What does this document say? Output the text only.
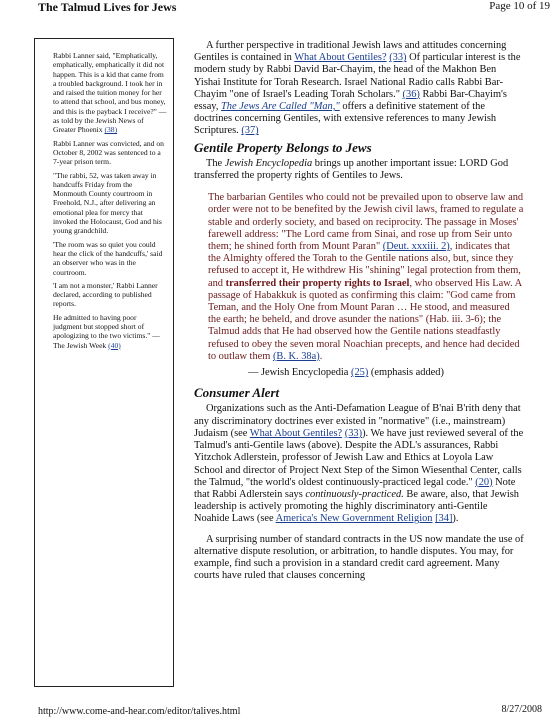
The Talmud Lives for Jews	Page 10 of 19

Rabbi Lanner said, "Emphatically, emphatically, emphatically it did not happen. This is a kid that came from a troubled background. I took her in and raised the tuition money for her to attend that school, and bus money, and this is the payback I receive?" — as told by the Jewish News of Greater Phoenix (38)

Rabbi Lanner was convicted, and on October 8, 2002 was sentenced to a 7-year prison term.

"The rabbi, 52, was taken away in handcuffs Friday from the Monmouth County courtroom in Freehold, N.J., after delivering an emotional plea for mercy that invoked the Holocaust, God and his young grandchild.

'The room was so quiet you could hear the click of the handcuffs,' said an observer who was in the courtroom.

'I am not a monster,' Rabbi Lanner declared, according to published reports.

He admitted to having poor judgment but stopped short of apologizing to the two victims." — The Jewish Week (40)

A further perspective in traditional Jewish laws and attitudes concerning Gentiles is contained in What About Gentiles? (33) Of particular interest is the modern study by Rabbi David Bar-Chayim, the head of the Makhon Ben Yishai Institute for Torah Research. Israel National Radio calls Rabbi Bar-Chayim "one of Israel's Leading Torah Scholars." (36) Rabbi Bar-Chayim's essay, The Jews Are Called "Man," offers a definitive statement of the doctrines concerning Gentiles, with extensive references to many Jewish Scriptures. (37)

Gentile Property Belongs to Jews

The Jewish Encyclopedia brings up another important issue: LORD God transferred the property rights of Gentiles to Jews.

The barbarian Gentiles who could not be prevailed upon to observe law and order were not to be benefited by the Jewish civil laws, framed to regulate a stable and orderly society, and based on reciprocity. The passage in Moses' farewell address: "The Lord came from Sinai, and rose up from Seir unto them; he shined forth from Mount Paran" (Deut. xxxiii. 2), indicates that the Almighty offered the Torah to the Gentile nations also, but, since they refused to accept it, He withdrew His "shining" legal protection from them, and transferred their property rights to Israel, who observed His Law. A passage of Habakkuk is quoted as confirming this claim: "God came from Teman, and the Holy One from Mount Paran … He stood, and measured the earth; he beheld, and drove asunder the nations" (Hab. iii. 3-6); the Talmud adds that He had observed how the Gentile nations steadfastly refused to obey the seven moral Noachian precepts, and hence had decided to outlaw them (B. K. 38a).

— Jewish Encyclopedia (25) (emphasis added)
Consumer Alert

Organizations such as the Anti-Defamation League of B'nai B'rith deny that any discriminatory doctrines ever existed in "normative" (i.e., mainstream) Judaism (see What About Gentiles? (33)). We have just reviewed several of the Talmud's anti-Gentile laws (above). Despite the ADL's assurances, Rabbi Yitzchok Adlerstein, professor of Jewish Law and Ethics at Loyola Law School and director of Project Next Step of the Simon Wiesenthal Center, calls the Talmud, "the world's oldest continuously-practiced legal code." (20) Note that Rabbi Adlerstein says continuously-practiced. Be aware, also, that Jewish leadership is actively promoting the highly discriminatory anti-Gentile Noahide Laws (see America's New Government Religion [34]).

A surprising number of standard contracts in the US now mandate the use of alternative dispute resolution, or arbitration, to handle disputes. You may, for example, find such a provision in a standard credit card agreement. Many courts have ruled that clauses concerning

http://www.come-and-hear.com/editor/talives.html	8/27/2008
